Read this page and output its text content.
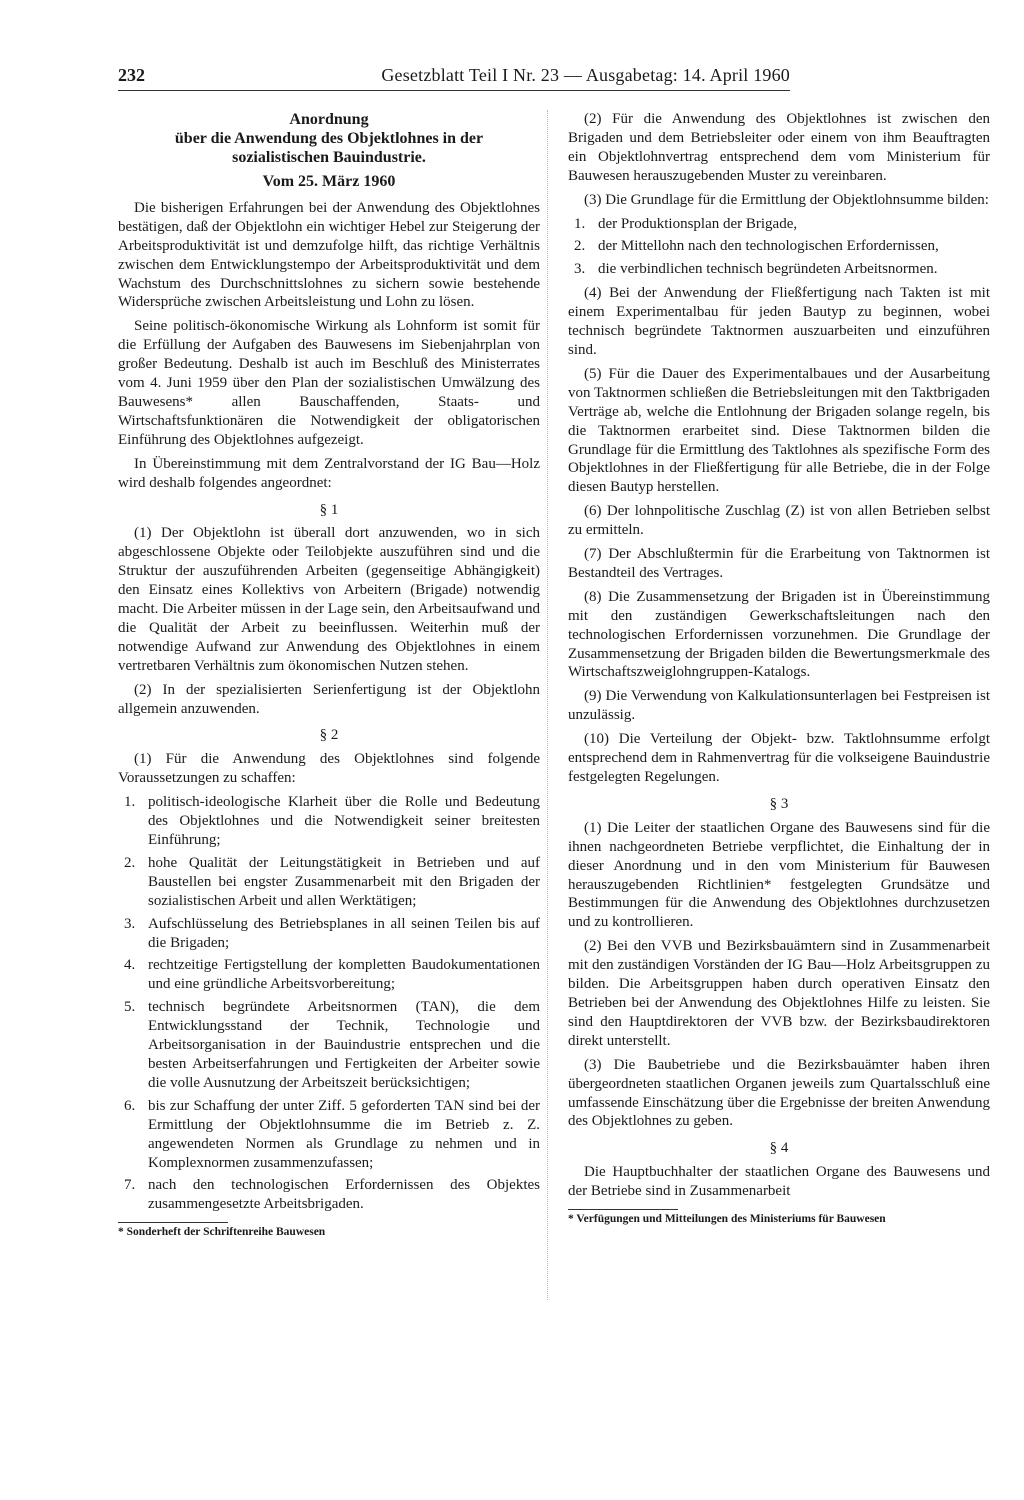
232	Gesetzblatt Teil I Nr. 23 — Ausgabetag: 14. April 1960
Anordnung
über die Anwendung des Objektlohnes in der
sozialistischen Bauindustrie.
Vom 25. März 1960

Die bisherigen Erfahrungen bei der Anwendung des Objektlohnes bestätigen, daß der Objektlohn ein wichtiger Hebel zur Steigerung der Arbeitsproduktivität ist und demzufolge hilft, das richtige Verhältnis zwischen dem Entwicklungstempo der Arbeitsproduktivität und dem Wachstum des Durchschnittslohnes zu sichern sowie bestehende Widersprüche zwischen Arbeitsleistung und Lohn zu lösen.

Seine politisch-ökonomische Wirkung als Lohnform ist somit für die Erfüllung der Aufgaben des Bauwesens im Siebenjahrplan von großer Bedeutung. Deshalb ist auch im Beschluß des Ministerrates vom 4. Juni 1959 über den Plan der sozialistischen Umwälzung des Bauwesens* allen Bauschaffenden, Staats- und Wirtschaftsfunktionären die Notwendigkeit der obligatorischen Einführung des Objektlohnes aufgezeigt.

In Übereinstimmung mit dem Zentralvorstand der IG Bau—Holz wird deshalb folgendes angeordnet:

§ 1

(1) Der Objektlohn ist überall dort anzuwenden, wo in sich abgeschlossene Objekte oder Teilobjekte auszuführen sind und die Struktur der auszuführenden Arbeiten (gegenseitige Abhängigkeit) den Einsatz eines Kollektivs von Arbeitern (Brigade) notwendig macht. Die Arbeiter müssen in der Lage sein, den Arbeitsaufwand und die Qualität der Arbeit zu beeinflussen. Weiterhin muß der notwendige Aufwand zur Anwendung des Objektlohnes in einem vertretbaren Verhältnis zum ökonomischen Nutzen stehen.

(2) In der spezialisierten Serienfertigung ist der Objektlohn allgemein anzuwenden.

§ 2

(1) Für die Anwendung des Objektlohnes sind folgende Voraussetzungen zu schaffen:

1. politisch-ideologische Klarheit über die Rolle und Bedeutung des Objektlohnes und die Notwendigkeit seiner breitesten Einführung;
2. hohe Qualität der Leitungstätigkeit in Betrieben und auf Baustellen bei engster Zusammenarbeit mit den Brigaden der sozialistischen Arbeit und allen Werktätigen;
3. Aufschlüsselung des Betriebsplanes in all seinen Teilen bis auf die Brigaden;
4. rechtzeitige Fertigstellung der kompletten Baudokumentationen und eine gründliche Arbeitsvorbereitung;
5. technisch begründete Arbeitsnormen (TAN), die dem Entwicklungsstand der Technik, Technologie und Arbeitsorganisation in der Bauindustrie entsprechen und die besten Arbeitserfahrungen und Fertigkeiten der Arbeiter sowie die volle Ausnutzung der Arbeitszeit berücksichtigen;
6. bis zur Schaffung der unter Ziff. 5 geforderten TAN sind bei der Ermittlung der Objektlohnsumme die im Betrieb z. Z. angewendeten Normen als Grundlage zu nehmen und in Komplexnormen zusammenzufassen;
7. nach den technologischen Erfordernissen des Objektes zusammengesetzte Arbeitsbrigaden.
* Sonderheft der Schriftenreihe Bauwesen

(2) Für die Anwendung des Objektlohnes ist zwischen den Brigaden und dem Betriebsleiter oder einem von ihm Beauftragten ein Objektlohnvertrag entsprechend dem vom Ministerium für Bauwesen herauszugebenden Muster zu vereinbaren.

(3) Die Grundlage für die Ermittlung der Objektlohnsumme bilden:

1. der Produktionsplan der Brigade,
2. der Mittellohn nach den technologischen Erfordernissen,
3. die verbindlichen technisch begründeten Arbeitsnormen.

(4) Bei der Anwendung der Fließfertigung nach Takten ist mit einem Experimentalbau für jeden Bautyp zu beginnen, wobei technisch begründete Taktnormen auszuarbeiten und einzuführen sind.

(5) Für die Dauer des Experimentalbaues und der Ausarbeitung von Taktnormen schließen die Betriebsleitungen mit den Taktbrigaden Verträge ab, welche die Entlohnung der Brigaden solange regeln, bis die Taktnormen erarbeitet sind. Diese Taktnormen bilden die Grundlage für die Ermittlung des Taktlohnes als spezifische Form des Objektlohnes in der Fließfertigung für alle Betriebe, die in der Folge diesen Bautyp herstellen.

(6) Der lohnpolitische Zuschlag (Z) ist von allen Betrieben selbst zu ermitteln.

(7) Der Abschlußtermin für die Erarbeitung von Taktnormen ist Bestandteil des Vertrages.

(8) Die Zusammensetzung der Brigaden ist in Übereinstimmung mit den zuständigen Gewerkschaftsleitungen nach den technologischen Erfordernissen vorzunehmen. Die Grundlage der Zusammensetzung der Brigaden bilden die Bewertungsmerkmale des Wirtschaftszweiglohngruppen-Katalogs.

(9) Die Verwendung von Kalkulationsunterlagen bei Festpreisen ist unzulässig.

(10) Die Verteilung der Objekt- bzw. Taktlohnsumme erfolgt entsprechend dem in Rahmenvertrag für die volkseigene Bauindustrie festgelegten Regelungen.

§ 3

(1) Die Leiter der staatlichen Organe des Bauwesens sind für die ihnen nachgeordneten Betriebe verpflichtet, die Einhaltung der in dieser Anordnung und in den vom Ministerium für Bauwesen herauszugebenden Richtlinien* festgelegten Grundsätze und Bestimmungen für die Anwendung des Objektlohnes durchzusetzen und zu kontrollieren.

(2) Bei den VVB und Bezirksbauämtern sind in Zusammenarbeit mit den zuständigen Vorständen der IG Bau—Holz Arbeitsgruppen zu bilden. Die Arbeitsgruppen haben durch operativen Einsatz den Betrieben bei der Anwendung des Objektlohnes Hilfe zu leisten. Sie sind den Hauptdirektoren der VVB bzw. der Bezirksbaudirektoren direkt unterstellt.

(3) Die Baubetriebe und die Bezirksbauämter haben ihren übergeordneten staatlichen Organen jeweils zum Quartalsschluß eine umfassende Einschätzung über die Ergebnisse der breiten Anwendung des Objektlohnes zu geben.

§ 4

Die Hauptbuchhalter der staatlichen Organe des Bauwesens und der Betriebe sind in Zusammenarbeit

* Verfügungen und Mitteilungen des Ministeriums für Bauwesen
